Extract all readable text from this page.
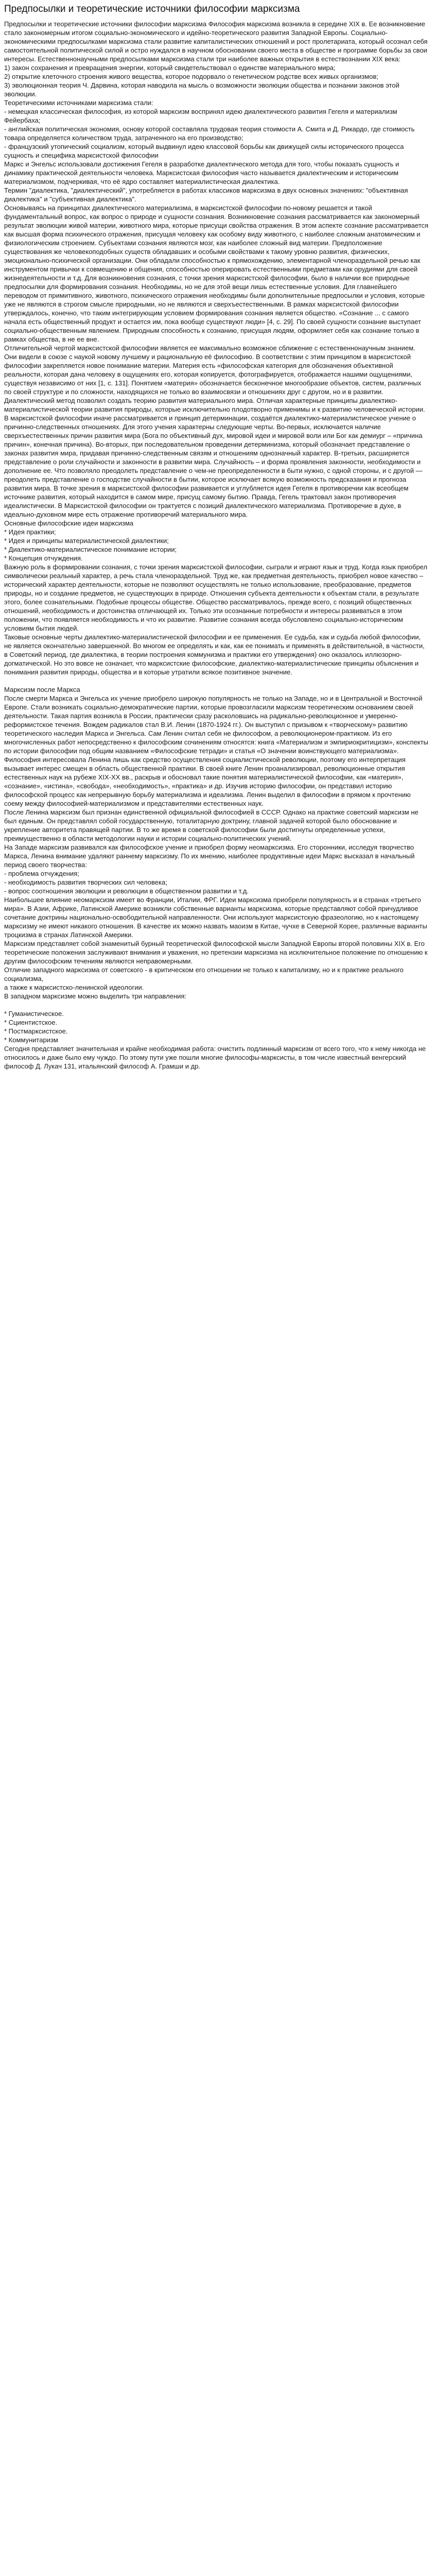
Предпосылки и теоретические источники философии марксизма

Предпосылки и теоретические источники философии марксизма Философия марксизма возникла в середине XIX в. Ее возникновение стало закономерным итогом социально-экономического и идейно-теоретического развития Западной Европы. Социально-экономическими предпосылками марксизма стали развитие капиталистических отношений и рост пролетариата, который осознал себя самостоятельной политической силой и остро нуждался в научном обосновании своего места в обществе и программе борьбы за свои интересы. Естественнонаучными предпосылками марксизма стали три наиболее важных открытия в естествознании XIX века:

1) закон сохранения и превращения энергии, который свидетельствовал о единстве материального мира;

2) открытие клеточного строения живого вещества, которое подорвало о генетическом родстве всех живых организмов;

3) эволюционная теория Ч. Дарвина, которая наводила на мысль о возможности эволюции общества и познании законов этой эволюции.

Теоретическими источниками марксизма стали:

- немецкая классическая философия, из которой марксизм воспринял идею диалектического развития Гегеля и материализм Фейербаха;

- английская политическая экономия, основу которой составляла трудовая теория стоимости А. Смита и Д. Рикардо, где стоимость товара определяется количеством труда, затраченного на его производство;

- французский утопический социализм, который выдвинул идею классовой борьбы как движущей силы исторического процесса сущность и специфика марксистской философии

Маркс и Энгельс использовали достижения Гегеля в разработке диалектического метода для того, чтобы показать сущность и динамику практической деятельности человека. Марксистская философия часто называется диалектическим и историческим материализмом, подчеркивая, что её ядро составляет материалистическая диалектика.

Термин "диалектика, "диалектический", употребляется в работах классиков марксизма в двух основных значениях: "объективная диалектика" и "субъективная диалектика".

Основываясь на принципах диалектического материализма, в марксистской философии по-новому решается и такой фундаментальный вопрос, как вопрос о природе и сущности сознания. Возникновение сознания рассматривается как закономерный результат эволюции живой материи, животного мира, которые присущи свойства отражения. В этом аспекте сознание рассматривается как высшая форма психического отражения, присущая человеку как особому виду животного, с наиболее сложным анатомическим и физиологическим строением. Субъектами сознания являются мозг, как наиболее сложный вид материи. Предположение существования же человекоподобных существ обладавших и особыми свойствами к такому уровню развития, физических, эмоционально-психической организации. Они обладали способностью к прямохождению, элементарной членораздельной речью как инструментом привычки к совмещению и общения, способностью оперировать естественными предметами как орудиями для своей жизнедеятельности и т.д. Для возникновения сознания, с точки зрения марксистской философии, было в наличии все природные предпосылки для формирования сознания. Необходимы, но не для этой вещи лишь естественные условия. Для главнейшего переводом от примитивного, животного, психического отражения необходимы были дополнительные предпосылки и условия, которые уже не являются в строгом смысле природными, но не являются и сверхъестественными. В рамках марксистской философии утверждалось, конечно, что таким интегрирующим условием формирования сознания является общество. «Сознание ... с самого начала есть общественный продукт и остается им, пока вообще существуют люди» [4, с. 29]. По своей сущности сознание выступает социально-общественным явлением. Природным способность к сознанию, присущая людям, оформляет себя как сознание только в рамках общества, в не ее вне.

Отличительной чертой марксистской философии является ее максимально возможное сближение с естественнонаучным знанием. Они видели в союзе с наукой новому лучшему и рациональную её философию. В соответствии с этим принципом в марксистской философии закрепляется новое понимание материи. Материя есть «философская категория для обозначения объективной реальности, которая дана человеку в ощущениях его, которая копируется, фотографируется, отображается нашими ощущениями, существуя независимо от них [1, с. 131]. Понятием «материя» обозначается бесконечное многообразие объектов, систем, различных по своей структуре и по сложности, находящихся не только во взаимосвязи и отношениях друг с другом, но и в развитии. Диалектический метод позволил создать теорию развития материального мира. Отличая характерные принципы диалектико-материалистической теории развития природы, которые исключительно плодотворно применимы и к развитию человеческой истории.

В марксистской философии иначе рассматривается и принцип детерминации, создаётся диалектико-материалистическое учение о причинно-следственных отношениях. Для этого учения характерны следующие черты. Во-первых, исключается наличие сверхъестественных причин развития мира (Бога по объективный дух, мировой идеи и мировой воли или Бог как демиург – «причина причин», конечная причина). Во-вторых, при последовательном проведении детерминизма, который обозначает представление о законах развития мира, придавая причинно-следственным связям и отношениям однозначный характер. В-третьих, расширяется представление о роли случайности и законности в развитии мира. Случайность – и форма проявления законности, необходимости и дополнение ее. Что позволяло преодолеть представление о чем-не преопределенности в быти нужно, с одной стороны, и с другой — преодолеть представление о господстве случайности в бытии, которое исключает всякую возможность предсказания и прогноза развития мира. В точке зрения в марксистской философии развивается и углубляется идея Гегеля в противоречии как всеобщем источнике развития, который находится в самом мире, присущ самому бытию. Правда, Гегель трактовал закон противоречия идеалистически. В Марксистской философии он трактуется с позиций диалектического материализма. Противоречие в духе, в идеально-духовном мире есть отражение противоречий материального мира.

Основные философские идеи марксизма

* Идея практики;

* Идея и принципы материалистической диалектики;

* Диалектико-материалистическое понимание истории;

* Концепция отчуждения.

Важную роль в формировании сознания, с точки зрения марксистской философии, сыграли и играют язык и труд. Когда язык приобрел символически реальный характер, а речь стала членораздельной. Труд же, как предметная деятельность, приобрел новое качество – исторический характер деятельности, которые не позволяют осуществлять не только использование, преобразование, предметов природы, но и создание предметов, не существующих в природе. Отношения субъекта деятельности к объектам стали, в результате этого, более сознательными. Подобные процессы обществе. Общество рассматривалось, прежде всего, с позиций общественных отношений, необходимость и достоинства отличающей их. Только эти осознанные потребности и интересы развиваться в этом положении, что появляется необходимость и что их развитие. Развитие сознания всегда обусловлено социально-историческим условиям бытия людей.

Taкoвые oснoвные черты диалектико-материалистической философии и ее применения. Ее судьба, как и судьба любой философии, не является окончательно завершенной. Во многом ее определять и как, как ее понимать и применять в действительной, в частности, в Советский период, где диалектика, в теории построения коммунизма и практики его утверждения) оно оказалось иллюзорно-догматической. Но это вовсе не означает, что марксистские философские, диалектико-материалистические принципы объяснения и понимания развития природы, общества и в которые утратили всякое позитивное значение.

Марксизм после Маркса

После смерти Маркса и Энгельса их учение приобрело широкую популярность не только на Западе, но и в Центральной и Восточной Европе. Стали возникать социально-демократические партии, которые провозгласили марксизм теоретическим основанием своей деятельности. Такая партия возникла в России, практически сразу расколовшись на радикально-революционное и умеренно-реформистское течения. Вождем радикалов стал В.И. Ленин (1870-1924 гг.). Он выступил с призывом к «творческому» развитию теоретического наследия Маркса и Энгельса. Сам Ленин считал себя не философом, а революционером-практиком. Из его многочисленных работ непосредственно к философским сочинениям относятся: книга «Материализм и эмпириокритицизм», конспекты по истории философии под общим названием «Философские тетради» и статья «О значении воинствующего материализма». Философия интересовала Ленина лишь как средство осуществления социалистической революции, поэтому его интерпретация вызывает интерес смещен в область общественной практики. В своей книге Ленин проанализировал, революционные открытия естественных наук на рубеже XIX-XX вв., раскрыв и обосновал такие понятия материалистической философии, как «материя», «сознание», «истина», «свобода», «необходимость», «практика» и др. Изучив историю философии, он представил историю философской процесс как непрерывную борьбу материализма и идеализма. Ленин выделил в философии в прямом к прочтению соему между философией-материализмом и представителями естественных наук.

После Ленина марксизм был признан единственной официальной философией в СССР. Однако на практике советский марксизм не был единым. Он представлял собой государственную, тоталитарную доктрину, главной задачей которой было обоснование и укрепление авторитета правящей партии. В то же время в советской философии были достигнуты определенные успехи, преимущественно в области методологии науки и истории социально-политических учений.

На Западе марксизм развивался как философское учение и приобрел форму неомарксизма. Его сторонники, исследуя творчество Маркса, Ленина внимание удаляют раннему марксизму. По их мнению, наиболее продуктивные идеи Маркс высказал в начальный период своего творчества:

- проблема отчуждения;

- необходимость развития творческих сил человека;

- вопрос соотношения эволюции и революции в общественном развитии и т.д.

Наибольшее влияние неомарксизм имеет во Франции, Италии, ФРГ. Идеи марксизма приобрели популярность и в странах «третьего мира». В Азии, Африке, Латинской Америке возникли собственные варианты марксизма, которые представляют собой причудливое сочетание доктрины национально-освободительной направленности. Они используют марксистскую фразеологию, но к настоящему марксизму не имеют никакого отношения. В качестве их можно назвать маоизм в Китае, чучхе в Северной Корее, различные варианты троцкизма в странах Латинской Америки.

Марксизм представляет собой знаменитый бурный теоретической философской мысли Западной Европы второй половины XIX в. Его теоретические положения заслуживают внимания и уважения, но претензии марксизма на исключительное положение по отношению к другим философским течениям являются неправомерными.

Отличие западного марксизма от советского - в критическом его отношении не только к капитализму, но и к практике реального социализма,

а также к марксистско-ленинской идеологии.

В западном марксизме можно выделить три направления:

* Гуманистическое.

* Сциентистское.

* Постмарксистское.

* Коммунитаризм

Сегодня представляет значительная и крайне необходимая работа: очистить подлинный марксизм от всего того, что к нему никогда не относилось и даже было ему чуждо. По этому пути уже пошли многие философы-марксисты, в том числе известный венгерский философ Д. Лукач 131, итальянский философ А. Грамши и др.
